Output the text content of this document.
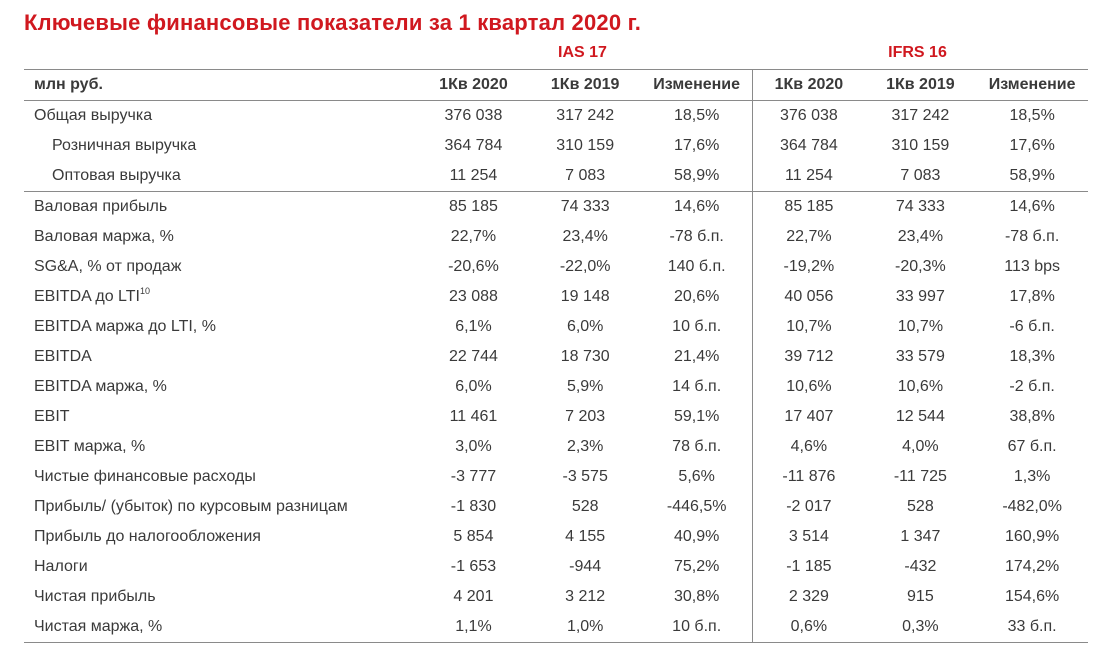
Ключевые финансовые показатели за 1 квартал 2020 г.
IAS 17	IFRS 16
млн руб.	1Кв 2020	1Кв 2019	Изменение	1Кв 2020	1Кв 2019	Изменение
Общая выручка	376 038	317 242	18,5%	376 038	317 242	18,5%
Розничная выручка	364 784	310 159	17,6%	364 784	310 159	17,6%
Оптовая выручка	11 254	7 083	58,9%	11 254	7 083	58,9%
Валовая прибыль	85 185	74 333	14,6%	85 185	74 333	14,6%
Валовая маржа, %	22,7%	23,4%	-78 б.п.	22,7%	23,4%	-78 б.п.
SG&A, % от продаж	-20,6%	-22,0%	140 б.п.	-19,2%	-20,3%	113 bps
EBITDA до LTI$^{10}$	23 088	19 148	20,6%	40 056	33 997	17,8%
EBITDA маржа до LTI, %	6,1%	6,0%	10 б.п.	10,7%	10,7%	-6 б.п.
EBITDA	22 744	18 730	21,4%	39 712	33 579	18,3%
EBITDA маржа, %	6,0%	5,9%	14 б.п.	10,6%	10,6%	-2 б.п.
EBIT	11 461	7 203	59,1%	17 407	12 544	38,8%
EBIT маржа, %	3,0%	2,3%	78 б.п.	4,6%	4,0%	67 б.п.
Чистые финансовые расходы	-3 777	-3 575	5,6%	-11 876	-11 725	1,3%
Прибыль/ (убыток) по курсовым разницам	-1 830	528	-446,5%	-2 017	528	-482,0%
Прибыль до налогообложения	5 854	4 155	40,9%	3 514	1 347	160,9%
Налоги	-1 653	-944	75,2%	-1 185	-432	174,2%
Чистая прибыль	4 201	3 212	30,8%	2 329	915	154,6%
Чистая маржа, %	1,1%	1,0%	10 б.п.	0,6%	0,3%	33 б.п.
